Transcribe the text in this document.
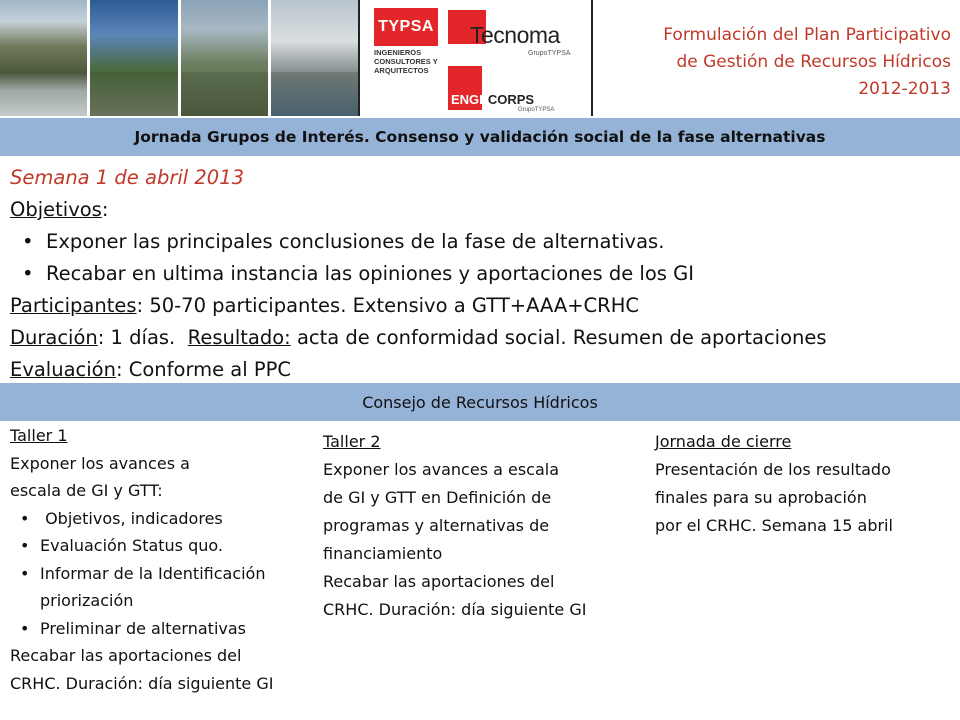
TYPSA
INGENIEROS CONSULTORES Y ARQUITECTOS
Tecnoma
GrupoTYPSA
ENGECORPS
GrupoTYPSA
Formulación del Plan Participativo
de Gestión de Recursos Hídricos
2012-2013
Jornada Grupos de Interés. Consenso y validación social de la fase alternativas
Semana 1 de abril 2013
Objetivos:
• Exponer las principales conclusiones de la fase de alternativas.
• Recabar en ultima instancia las opiniones y aportaciones de los GI
Participantes: 50-70 participantes. Extensivo a GTT+AAA+CRHC
Duración: 1 días.  Resultado: acta de conformidad social. Resumen de aportaciones
Evaluación: Conforme al PPC
Consejo de Recursos Hídricos
Taller 1
Exponer los avances a
escala de GI y GTT:
•  Objetivos, indicadores
• Evaluación Status quo.
• Informar de la Identificación
priorización
• Preliminar de alternativas
Recabar las aportaciones del
CRHC. Duración: día siguiente GI
Taller 2
Exponer los avances a escala
de GI y GTT en Definición de
programas y alternativas de
financiamiento
Recabar las aportaciones del
CRHC. Duración: día siguiente GI
Jornada de cierre
Presentación de los resultado
finales para su aprobación
por el CRHC. Semana 15 abril
